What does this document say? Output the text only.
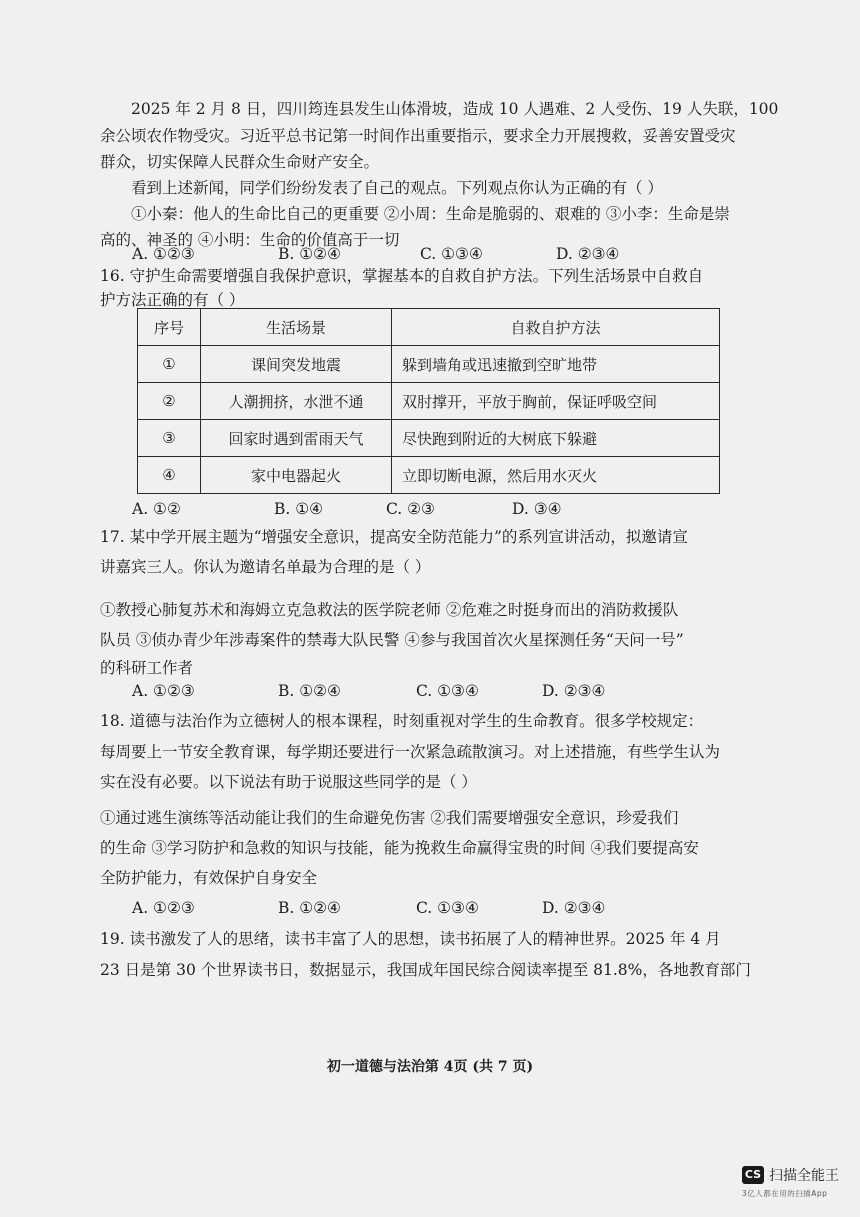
2025 年 2 月 8 日，四川筠连县发生山体滑坡，造成 10 人遇难、2 人受伤、19 人失联，100

余公顷农作物受灾。习近平总书记第一时间作出重要指示，要求全力开展搜救，妥善安置受灾

群众，切实保障人民群众生命财产安全。

看到上述新闻，同学们纷纷发表了自己的观点。下列观点你认为正确的有（ ）

①小秦：他人的生命比自己的更重要 ②小周：生命是脆弱的、艰难的 ③小李：生命是崇

高的、神圣的 ④小明：生命的价值高于一切

A. ①②③	B. ①②④	C. ①③④	D. ②③④

16. 守护生命需要增强自我保护意识，掌握基本的自救自护方法。下列生活场景中自救自

护方法正确的有（ ）

序号	生活场景	自救自护方法
①	课间突发地震	躲到墙角或迅速撤到空旷地带
②	人潮拥挤，水泄不通	双肘撑开，平放于胸前，保证呼吸空间
③	回家时遇到雷雨天气	尽快跑到附近的大树底下躲避
④	家中电器起火	立即切断电源，然后用水灭火
A. ①②	B. ①④	C. ②③	D. ③④

17. 某中学开展主题为“增强安全意识，提高安全防范能力”的系列宣讲活动，拟邀请宣

讲嘉宾三人。你认为邀请名单最为合理的是（ ）

①教授心肺复苏术和海姆立克急救法的医学院老师 ②危难之时挺身而出的消防救援队

队员 ③侦办青少年涉毒案件的禁毒大队民警 ④参与我国首次火星探测任务“天问一号”

的科研工作者

A. ①②③	B. ①②④	C. ①③④	D. ②③④

18. 道德与法治作为立德树人的根本课程，时刻重视对学生的生命教育。很多学校规定：

每周要上一节安全教育课，每学期还要进行一次紧急疏散演习。对上述措施，有些学生认为

实在没有必要。以下说法有助于说服这些同学的是（ ）

①通过逃生演练等活动能让我们的生命避免伤害 ②我们需要增强安全意识，珍爱我们

的生命 ③学习防护和急救的知识与技能，能为挽救生命赢得宝贵的时间 ④我们要提高安

全防护能力，有效保护自身安全

A. ①②③	B. ①②④	C. ①③④	D. ②③④

19. 读书激发了人的思绪，读书丰富了人的思想，读书拓展了人的精神世界。2025 年 4 月

23 日是第 30 个世界读书日，数据显示，我国成年国民综合阅读率提至 81.8%，各地教育部门

初一道德与法治第 4页 (共 7 页)
CS 扫描全能王
3亿人都在用的扫描App
